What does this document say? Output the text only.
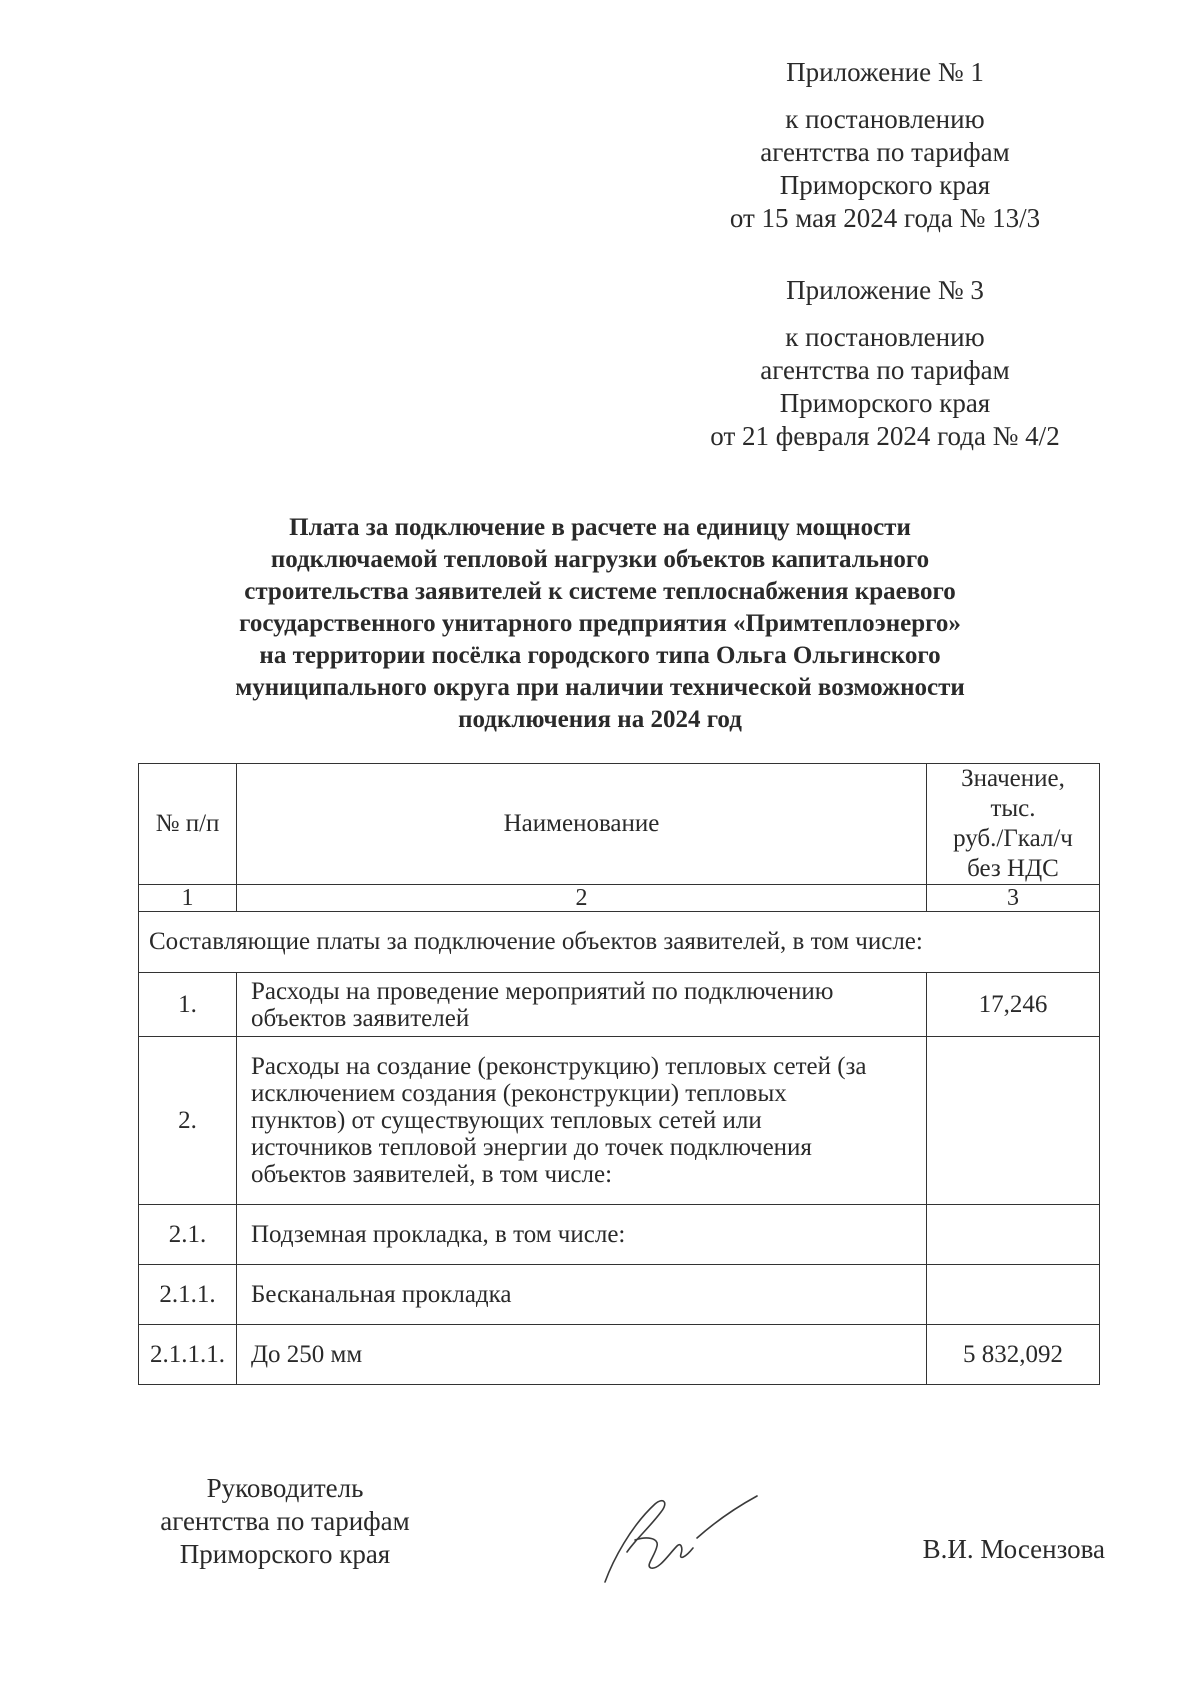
Приложение № 1
к постановлению
агентства по тарифам
Приморского края
от 15 мая 2024 года № 13/3
Приложение № 3
к постановлению
агентства по тарифам
Приморского края
от 21 февраля 2024 года № 4/2
Плата за подключение в расчете на единицу мощности
подключаемой тепловой нагрузки объектов капитального
строительства заявителей к системе теплоснабжения краевого
государственного унитарного предприятия «Примтеплоэнерго»
на территории посёлка городского типа Ольга Ольгинского
муниципального округа при наличии технической возможности
подключения на 2024 год
№ п/п	Наименование	Значение,
тыс.
руб./Гкал/ч
без НДС

1	2	3
Составляющие платы за подключение объектов заявителей, в том числе:		
1.	Расходы на проведение мероприятий по подключению
объектов заявителей	17,246
2.	Расходы на создание (реконструкцию) тепловых сетей (за
исключением создания (реконструкции) тепловых
пунктов) от существующих тепловых сетей или
источников тепловой энергии до точек подключения
объектов заявителей, в том числе:	

2.1.	Подземная прокладка, в том числе:	

2.1.1.	Бесканальная прокладка	

2.1.1.1.	До 250 мм	5 832,092
Руководитель
агентства по тарифам
Приморского края	В.И. Мосензова
